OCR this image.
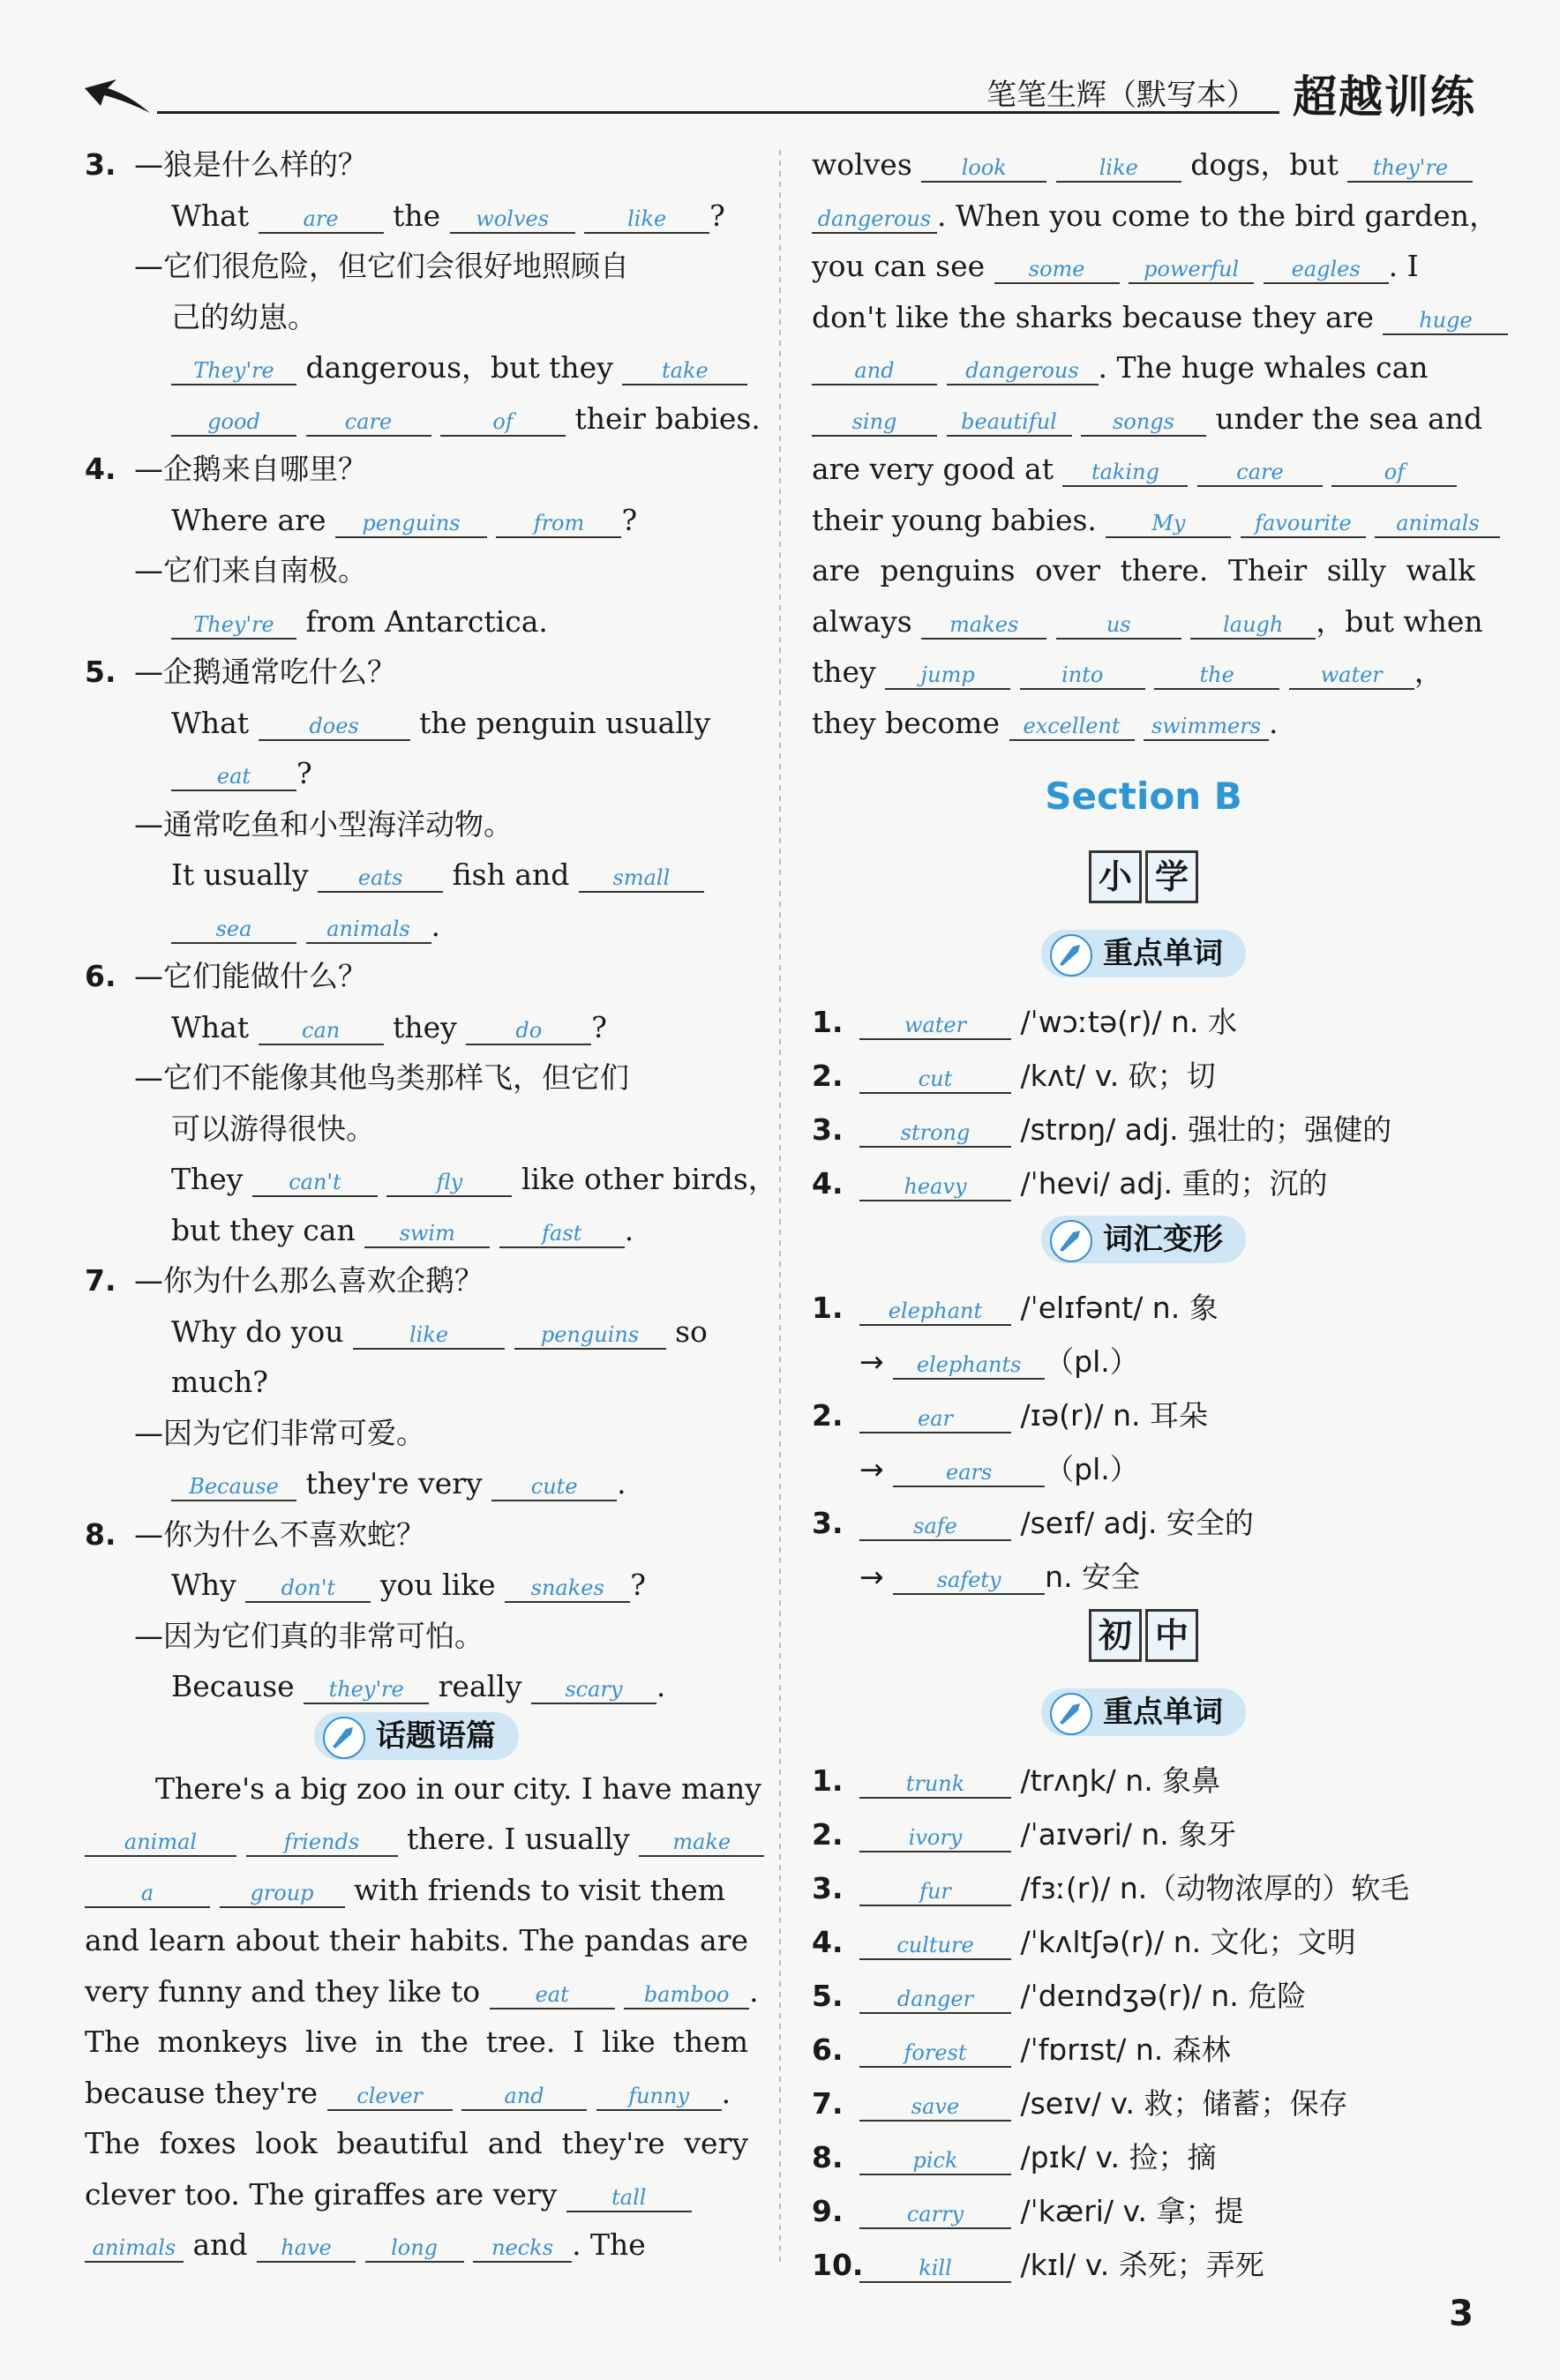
笔笔生辉（默写本） 超越训练
3. —狼是什么样的？
What	are the wolves	like ?
—它们很危险，但它们会很好地照顾自
己的幼崽。
They're dangerous，but they take
good	care	of their babies.
4. —企鹅来自哪里？
Where are penguins	from ?
—它们来自南极。
They're from Antarctica.
5. —企鹅通常吃什么？
What	does the penguin usually
eat ?
—通常吃鱼和小型海洋动物。
It usually eats fish and small
sea	animals .
6. —它们能做什么？
What can they	do ?
—它们不能像其他鸟类那样飞，但它们
可以游得很快。
They can't	fly like other birds，
but they can swim	fast .
7. —你为什么那么喜欢企鹅？
Why do you	like	penguins so
much?
—因为它们非常可爱。
Because they're very cute .
8. —你为什么不喜欢蛇？
Why don't you like snakes ?
—因为它们真的非常可怕。
Because they're really scary .
话题语篇
There's a big zoo in our city. I have many
animal	friends there. I usually make
a	group with friends to visit them
and learn about their habits. The pandas are
very funny and they like to	eat	bamboo .
The monkeys live in the tree. I like them
because they're clever	and	funny .
The foxes look beautiful and they're very
clever too. The giraffes are very	tall
animals and have	long	necks . The
wolves look	like dogs，but they're
dangerous . When you come to the bird garden，
you can see some	powerful eagles . I
don't like the sharks because they are huge
and	dangerous . The huge whales can
sing	beautiful	songs under the sea and
are very good at taking	care	of
their young babies.	My	favourite animals
are penguins over there. Their silly walk
always makes	us	laugh ，but when
they jump	into	the	water ，
they become excellent swimmers .
Section B
小 学
重点单词
1.	water /ˈwɔːtə(r)/ n. 水
2.	cut /kʌt/ v. 砍；切
3.	strong /strɒŋ/ adj. 强壮的；强健的
4.	heavy /ˈhevi/ adj. 重的；沉的
词汇变形
1. elephant /ˈelɪfənt/ n. 象
→ elephants （pl.）
2.	ear /ɪə(r)/ n. 耳朵
→	ears （pl.）
3.	safe /seɪf/ adj. 安全的
→	safety n. 安全
初 中
重点单词
1.	trunk /trʌŋk/ n. 象鼻
2.	ivory /ˈaɪvəri/ n. 象牙
3.	fur /fɜː(r)/ n.（动物浓厚的）软毛
4.	culture /ˈkʌltʃə(r)/ n. 文化；文明
5.	danger /ˈdeɪndʒə(r)/ n. 危险
6.	forest /ˈfɒrɪst/ n. 森林
7.	save /seɪv/ v. 救；储蓄；保存
8.	pick /pɪk/ v. 捡；摘
9.	carry /ˈkæri/ v. 拿；提
10.	kill /kɪl/ v. 杀死；弄死
3
